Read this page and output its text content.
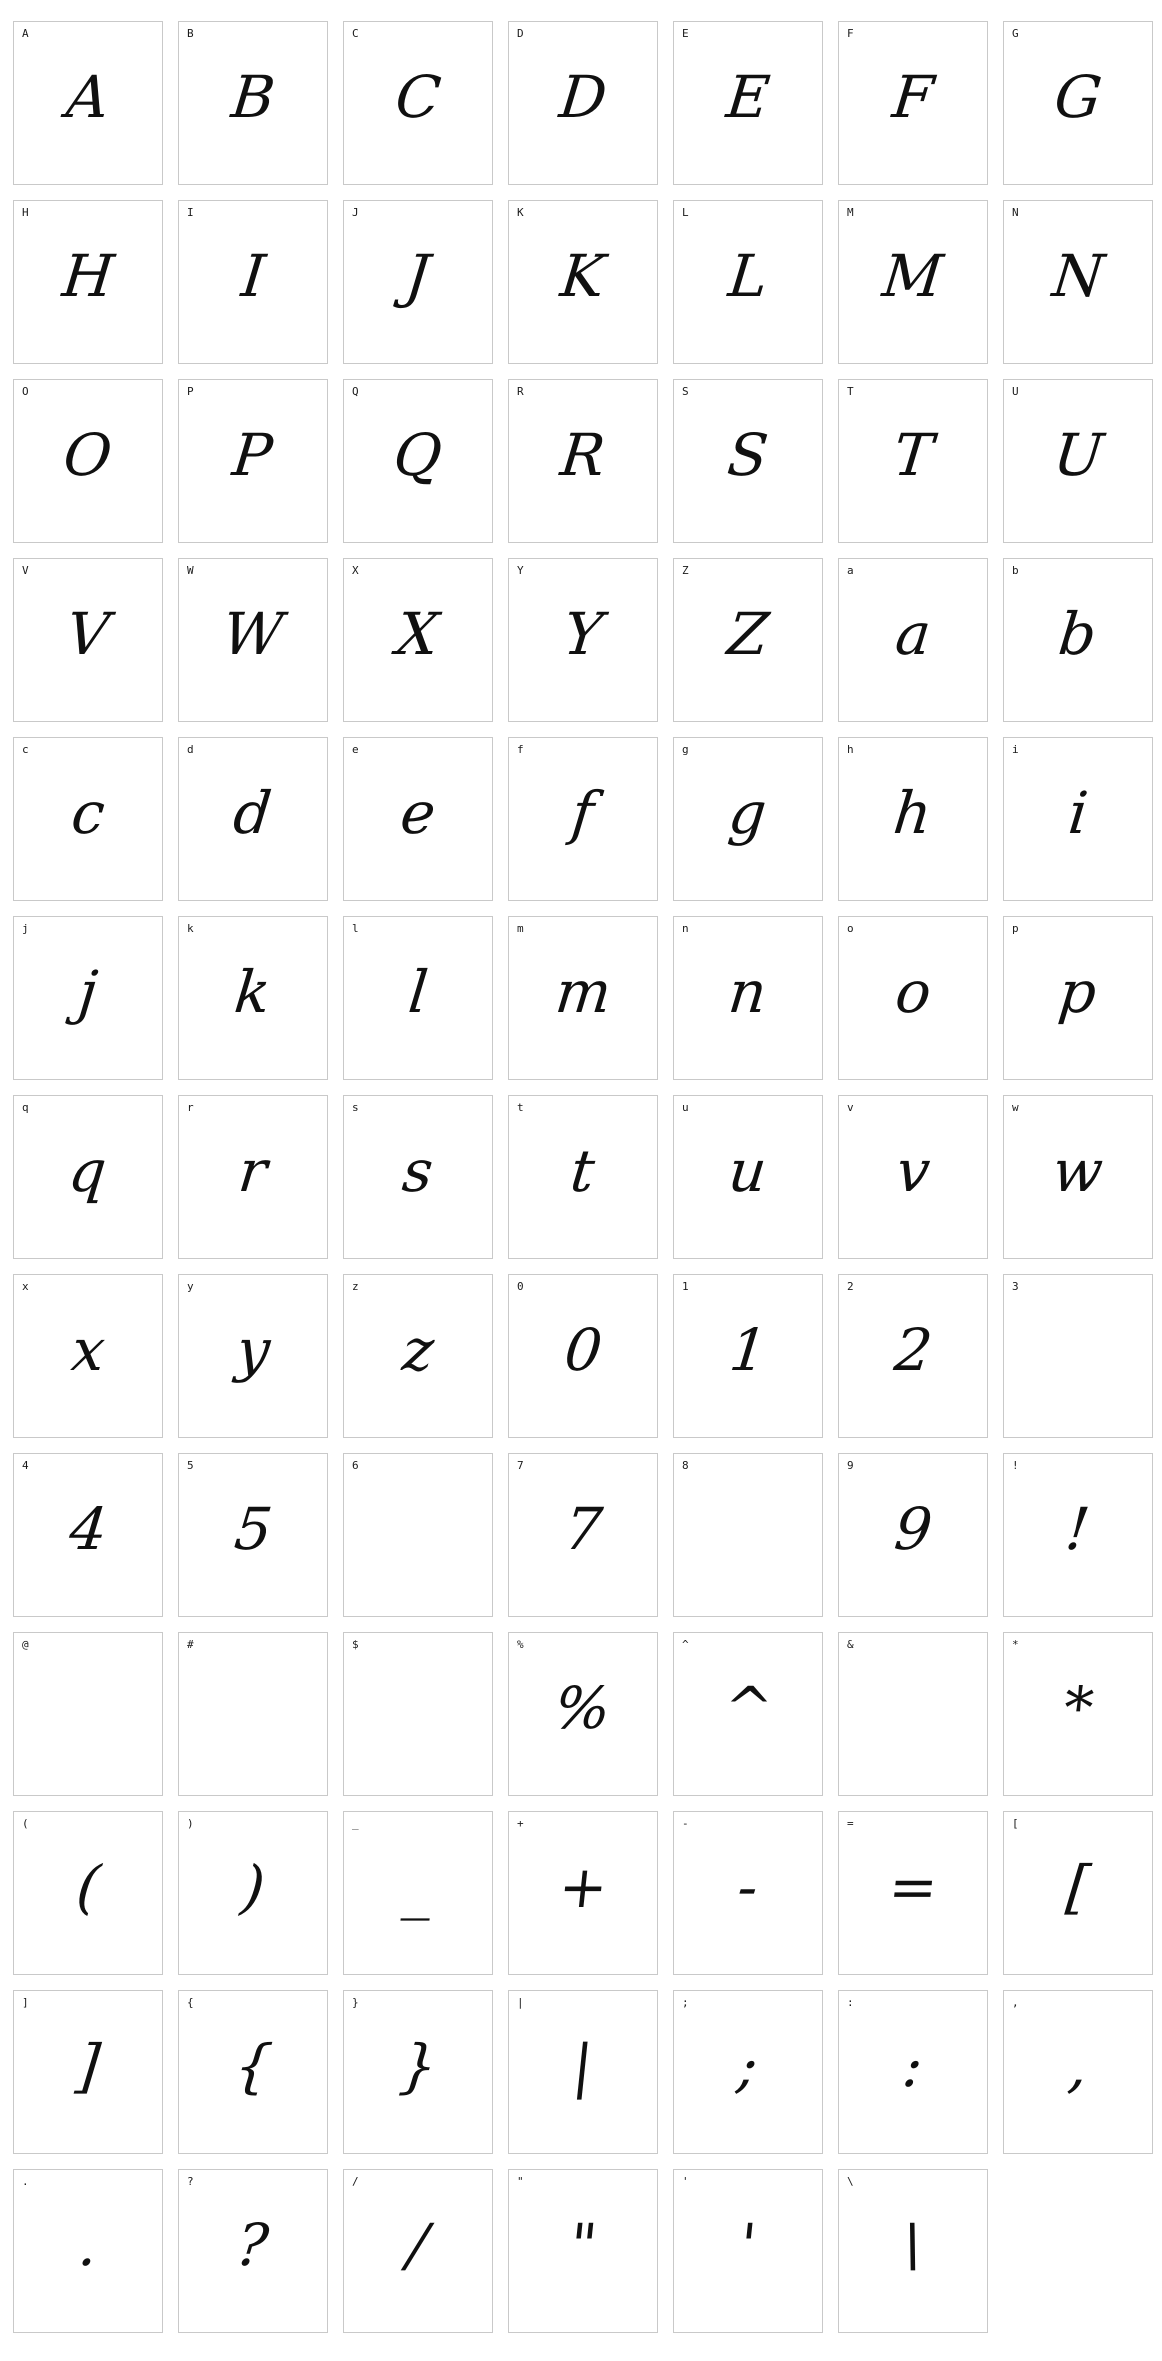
A
A
B
B
C
C
D
D
E
E
F
F
G
G
H
H
I
I
J
J
K
K
L
L
M
M
N
N
O
O
P
P
Q
Q
R
R
S
S
T
T
U
U
V
V
W
W
X
X
Y
Y
Z
Z
a
a
b
b
c
c
d
d
e
e
f
f
g
g
h
h
i
i
j
j
k
k
l
l
m
m
n
n
o
o
p
p
q
q
r
r
s
s
t
t
u
u
v
v
w
w
x
x
y
y
z
z
0
0
1
1
2
2
3
4
4
5
5
6	7
7
8	9
9
!
!
@	#	$	%
%
^
^
&	*
*
(
(
)
)
_
_
+
+
-
-
=
=
[
[
]
]
{
{
}
}
|
|
;
;
:
:
,
,
.
.
?
?
/
/
"
"
'
'
\
\
